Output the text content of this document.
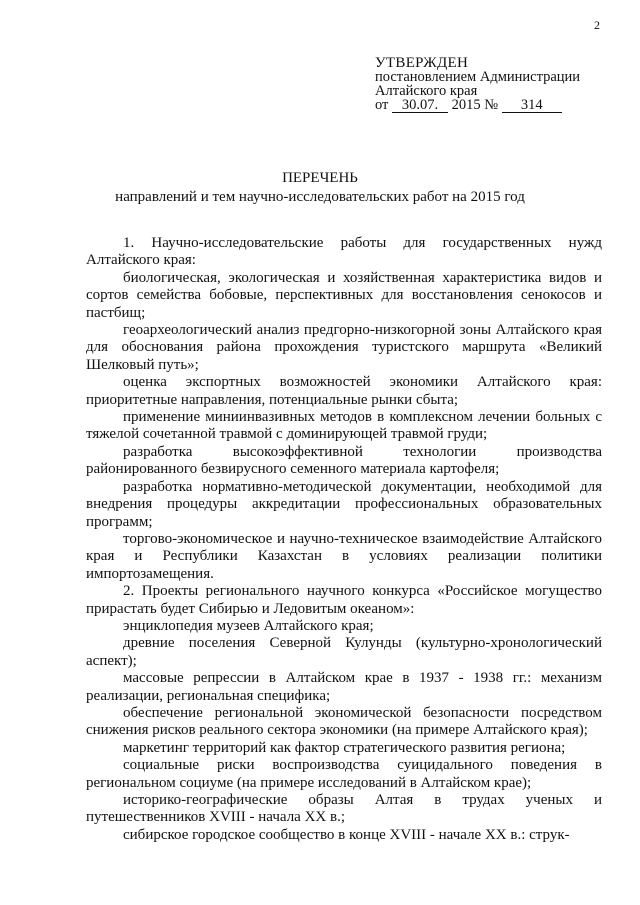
2
УТВЕРЖДЕН
постановлением Администрации
Алтайского края
от 30.07. 2015 № 314
ПЕРЕЧЕНЬ
направлений и тем научно-исследовательских работ на 2015 год

1. Научно-исследовательские работы для государственных нужд Алтайского края:

биологическая, экологическая и хозяйственная характеристика видов и сортов семейства бобовые, перспективных для восстановления сенокосов и пастбищ;

геоархеологический анализ предгорно-низкогорной зоны Алтайского края для обоснования района прохождения туристского маршрута «Великий Шелковый путь»;

оценка экспортных возможностей экономики Алтайского края: приоритетные направления, потенциальные рынки сбыта;

применение миниинвазивных методов в комплексном лечении больных с тяжелой сочетанной травмой с доминирующей травмой груди;

разработка высокоэффективной технологии производства районированного безвирусного семенного материала картофеля;

разработка нормативно-методической документации, необходимой для внедрения процедуры аккредитации профессиональных образовательных программ;

торгово-экономическое и научно-техническое взаимодействие Алтайского края и Республики Казахстан в условиях реализации политики импортозамещения.

2. Проекты регионального научного конкурса «Российское могущество прирастать будет Сибирью и Ледовитым океаном»:

энциклопедия музеев Алтайского края;

древние поселения Северной Кулунды (культурно-хронологический аспект);

массовые репрессии в Алтайском крае в 1937 - 1938 гг.: механизм реализации, региональная специфика;

обеспечение региональной экономической безопасности посредством снижения рисков реального сектора экономики (на примере Алтайского края);

маркетинг территорий как фактор стратегического развития региона;

социальные риски воспроизводства суицидального поведения в региональном социуме (на примере исследований в Алтайском крае);

историко-географические образы Алтая в трудах ученых и путешественников XVIII - начала XX в.;

сибирское городское сообщество в конце XVIII - начале XX в.: струк-
